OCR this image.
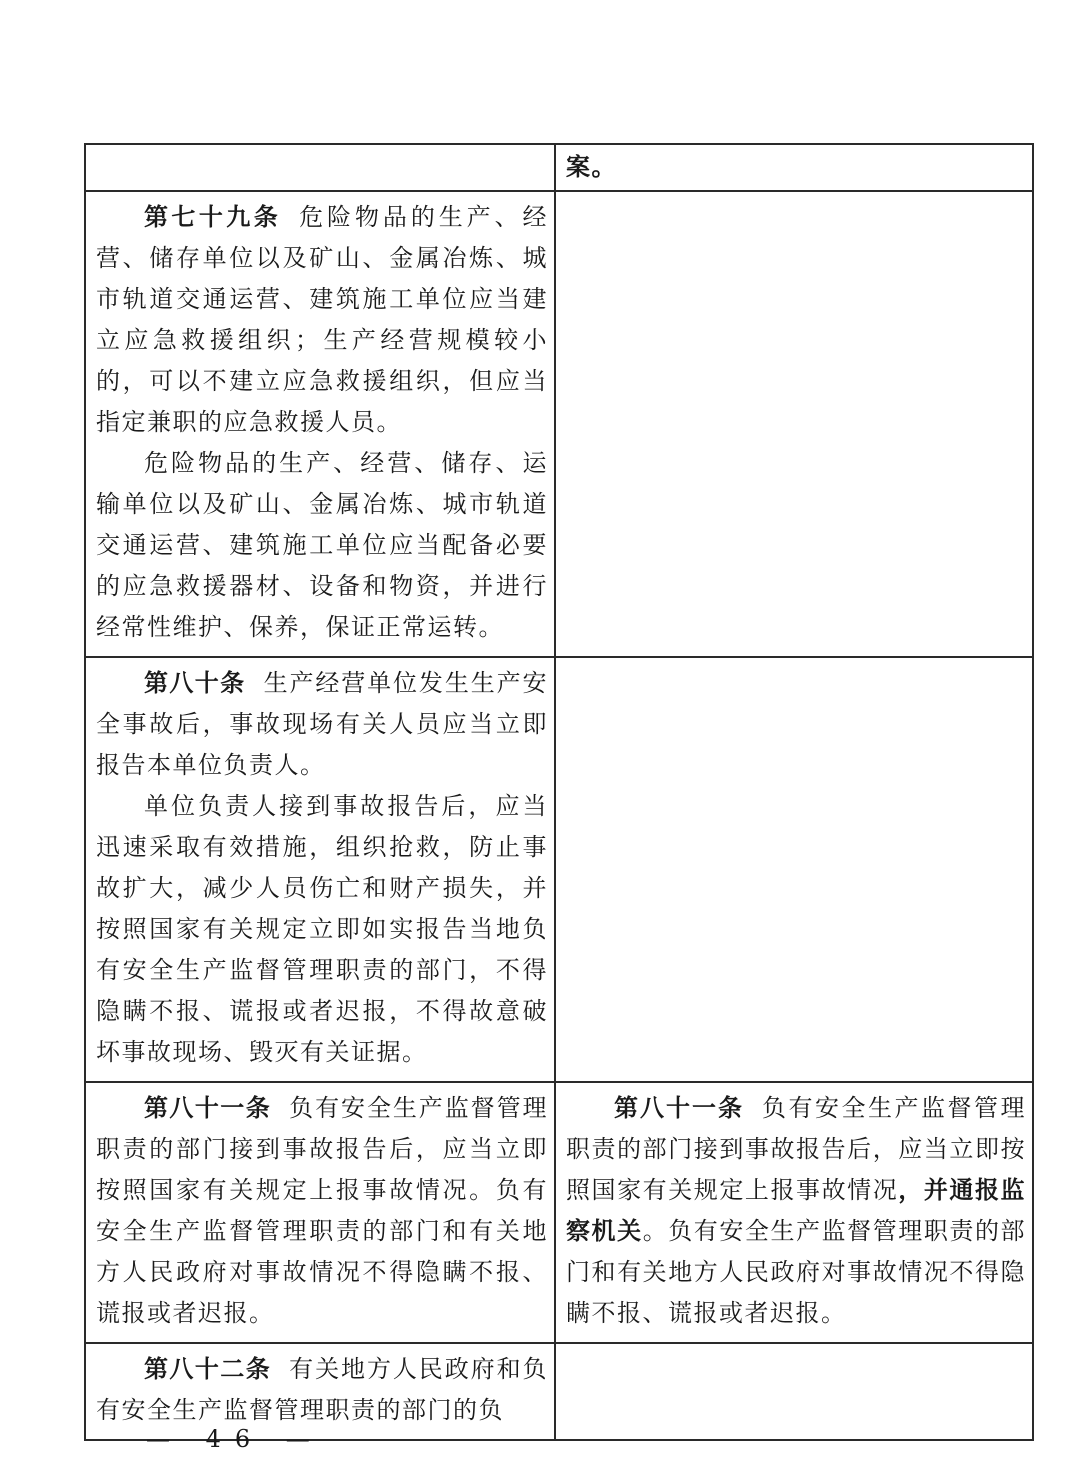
	案。

第七十九条 危险物品的生产、经营、储存单位以及矿山、金属冶炼、城市轨道交通运营、建筑施工单位应当建立应急救援组织；生产经营规模较小的，可以不建立应急救援组织，但应当指定兼职的应急救援人员。

危险物品的生产、经营、储存、运输单位以及矿山、金属冶炼、城市轨道交通运营、建筑施工单位应当配备必要的应急救援器材、设备和物资，并进行经常性维护、保养，保证正常运转。	

第八十条 生产经营单位发生生产安全事故后，事故现场有关人员应当立即报告本单位负责人。

单位负责人接到事故报告后，应当迅速采取有效措施，组织抢救，防止事故扩大，减少人员伤亡和财产损失，并按照国家有关规定立即如实报告当地负有安全生产监督管理职责的部门，不得隐瞒不报、谎报或者迟报，不得故意破坏事故现场、毁灭有关证据。	

第八十一条 负有安全生产监督管理职责的部门接到事故报告后，应当立即按照国家有关规定上报事故情况。负有安全生产监督管理职责的部门和有关地方人民政府对事故情况不得隐瞒不报、谎报或者迟报。	第八十一条 负有安全生产监督管理职责的部门接到事故报告后，应当立即按照国家有关规定上报事故情况，并通报监察机关。负有安全生产监督管理职责的部门和有关地方人民政府对事故情况不得隐瞒不报、谎报或者迟报。

第八十二条 有关地方人民政府和负有安全生产监督管理职责的部门的负	

— 46 —
